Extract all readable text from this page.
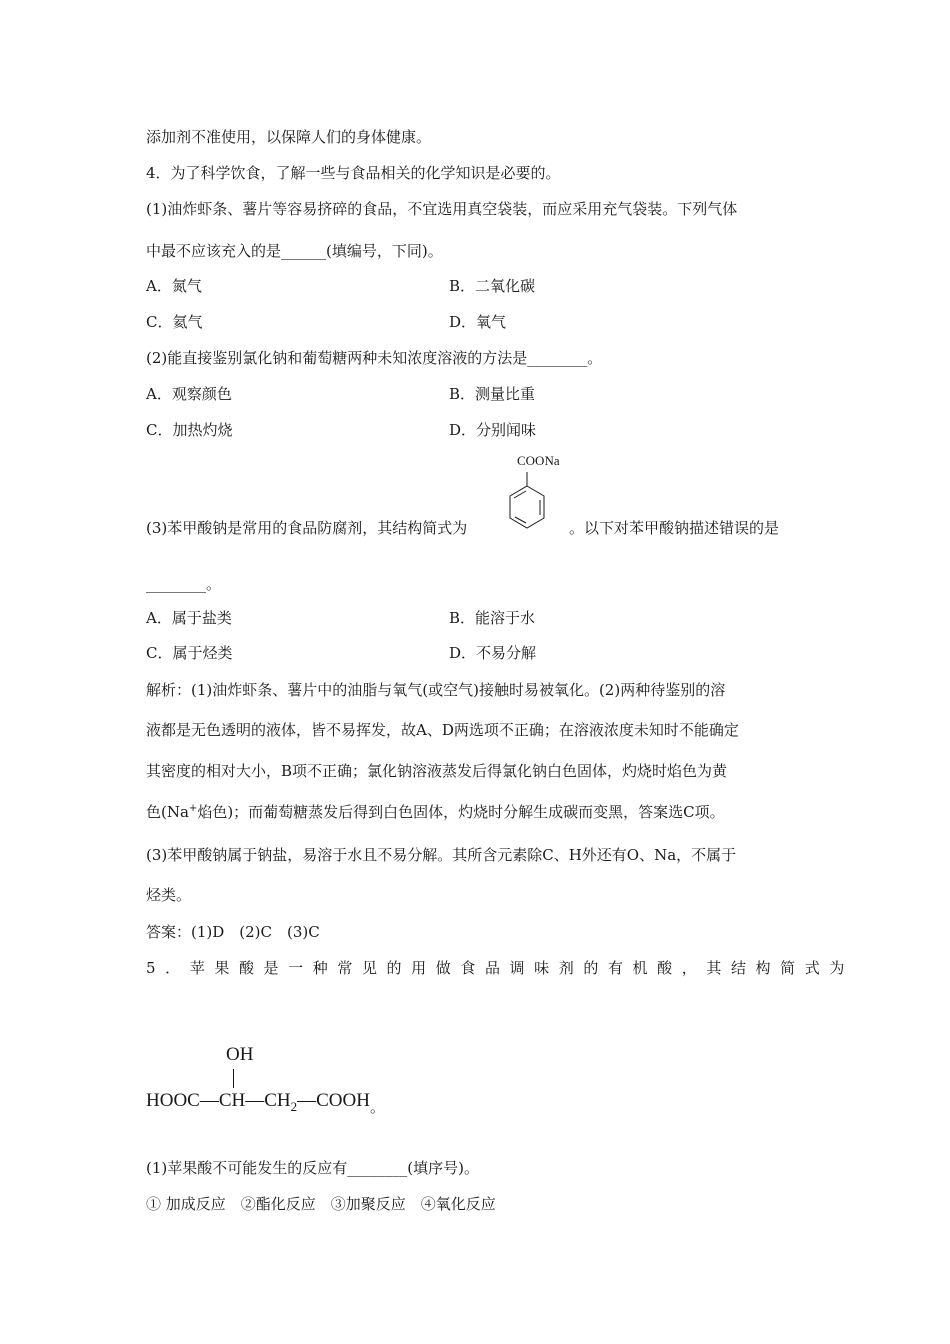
添加剂不准使用，以保障人们的身体健康。
4．为了科学饮食，了解一些与食品相关的化学知识是必要的。
(1)油炸虾条、薯片等容易挤碎的食品，不宜选用真空袋装，而应采用充气袋装。下列气体
中最不应该充入的是______(填编号，下同)。
A．氮气	B．二氧化碳
C．氦气	D．氧气
(2)能直接鉴别氯化钠和葡萄糖两种未知浓度溶液的方法是________。
A．观察颜色	B．测量比重
C．加热灼烧	D．分别闻味
COONa
(3)苯甲酸钠是常用的食品防腐剂，其结构简式为	。以下对苯甲酸钠描述错误的是
________。
A．属于盐类	B．能溶于水
C．属于烃类	D．不易分解
解析：(1)油炸虾条、薯片中的油脂与氧气(或空气)接触时易被氧化。(2)两种待鉴别的溶
液都是无色透明的液体，皆不易挥发，故A、D两选项不正确；在溶液浓度未知时不能确定
其密度的相对大小，B项不正确；氯化钠溶液蒸发后得氯化钠白色固体，灼烧时焰色为黄
色(Na+焰色)；而葡萄糖蒸发后得到白色固体，灼烧时分解生成碳而变黑，答案选C项。
(3)苯甲酸钠属于钠盐，易溶于水且不易分解。其所含元素除C、H外还有O、Na，不属于
烃类。
答案：(1)D　(2)C　(3)C
5．苹果酸是一种常见的用做食品调味剂的有机酸，其结构简式为
OH
$HOOC—CH—CH_2—COOH_。$
(1)苹果酸不可能发生的反应有________(填序号)。
① 加成反应　②酯化反应　③加聚反应　④氧化反应
